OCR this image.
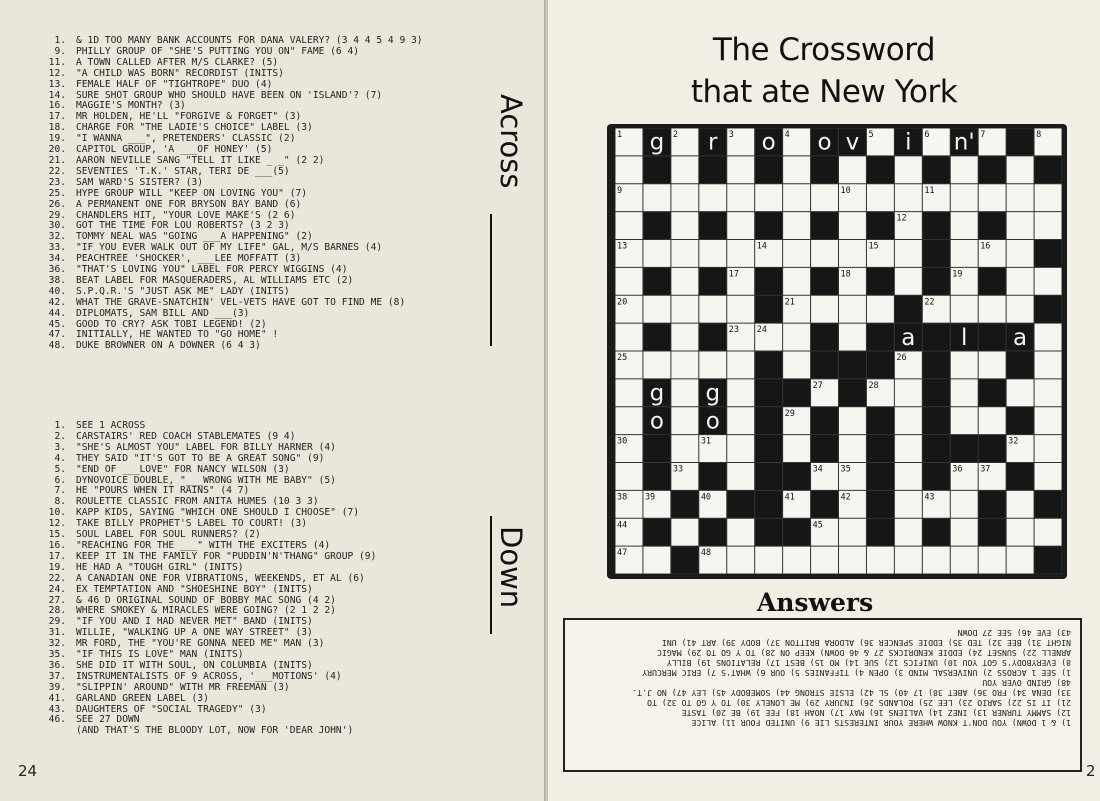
1. & 1D TOO MANY BANK ACCOUNTS FOR DANA VALERY? (3 4 4 5 4 9 3)
9. PHILLY GROUP OF "SHE'S PUTTING YOU ON" FAME (6 4)
11. A TOWN CALLED AFTER M/S CLARKE? (5)
12. "A CHILD WAS BORN" RECORDIST (INITS)
13. FEMALE HALF OF "TIGHTROPE" DUO (4)
14. SURE SHOT GROUP WHO SHOULD HAVE BEEN ON 'ISLAND'? (7)
16. MAGGIE'S MONTH? (3)
17. MR HOLDEN, HE'LL "FORGIVE & FORGET" (3)
18. CHARGE FOR "THE LADIE'S CHOICE" LABEL (3)
19. "I WANNA ___", PRETENDERS' CLASSIC (2)
20. CAPITOL GROUP, 'A ___OF HONEY' (5)
21. AARON NEVILLE SANG "TELL IT LIKE _ _" (2 2)
22. SEVENTIES 'T.K.' STAR, TERI DE ___(5)
23. SAM WARD'S SISTER? (3)
25. HYPE GROUP WILL "KEEP ON LOVING YOU" (7)
26. A PERMANENT ONE FOR BRYSON BAY BAND (6)
29. CHANDLERS HIT, "YOUR LOVE MAKE'S (2 6)
30. GOT THE TIME FOR LOU ROBERTS? (3 2 3)
32. TOMMY NEAL WAS "GOING ___A HAPPENING" (2)
33. "IF YOU EVER WALK OUT OF MY LIFE" GAL, M/S BARNES (4)
34. PEACHTREE 'SHOCKER', ___LEE MOFFATT (3)
36. "THAT'S LOVING YOU" LABEL FOR PERCY WIGGINS (4)
38. BEAT LABEL FOR MASQUERADERS, AL WILLIAMS ETC (2)
40. S.P.Q.R.'S "JUST ASK ME" LADY (INITS)
42. WHAT THE GRAVE-SNATCHIN' VEL-VETS HAVE GOT TO FIND ME (8)
44. DIPLOMATS, SAM BILL AND ___(3)
45. GOOD TO CRY? ASK TOBI LEGEND! (2)
47. INITIALLY, HE WANTED TO "GO HOME" !
48. DUKE BROWNER ON A DOWNER (6 4 3)
1. SEE 1 ACROSS
2. CARSTAIRS' RED COACH STABLEMATES (9 4)
3. "SHE'S ALMOST YOU" LABEL FOR BILLY HARNER (4)
4. THEY SAID "IT'S GOT TO BE A GREAT SONG" (9)
5. "END OF ___LOVE" FOR NANCY WILSON (3)
6. DYNOVOICE DOUBLE, "___WRONG WITH ME BABY" (5)
7. HE "POURS WHEN IT RAINS" (4 7)
8. ROULETTE CLASSIC FROM ANITA HUMES (10 3 3)
10. KAPP KIDS, SAYING "WHICH ONE SHOULD I CHOOSE" (7)
12. TAKE BILLY PROPHET'S LABEL TO COURT! (3)
15. SOUL LABEL FOR SOUL RUNNERS? (2)
16. "REACHING FOR THE ___" WITH THE EXCITERS (4)
17. KEEP IT IN THE FAMILY FOR "PUDDIN'N'THANG" GROUP (9)
19. HE HAD A "TOUGH GIRL" (INITS)
22. A CANADIAN ONE FOR VIBRATIONS, WEEKENDS, ET AL (6)
24. EX TEMPTATION AND "SHOESHINE BOY" (INITS)
27. & 46 D ORIGINAL SOUND OF BOBBY MAC SONG (4 2)
28. WHERE SMOKEY & MIRACLES WERE GOING? (2 1 2 2)
29. "IF YOU AND I HAD NEVER MET" BAND (INITS)
31. WILLIE, "WALKING UP A ONE WAY STREET" (3)
32. MR FORD, THE "YOU'RE GONNA NEED ME" MAN (3)
35. "IF THIS IS LOVE" MAN (INITS)
36. SHE DID IT WITH SOUL, ON COLUMBIA (INITS)
37. INSTRUMENTALISTS OF 9 ACROSS, '___MOTIONS' (4)
39. "SLIPPIN' AROUND" WITH MR FREEMAN (3)
41. GARLAND GREEN LABEL (3)
43. DAUGHTERS OF "SOCIAL TRAGEDY" (3)
46. SEE 27 DOWN
(AND THAT'S THE BLOODY LOT, NOW FOR 'DEAR JOHN')
Across
Down
24
The Crossword
that ate New York
2
1	2	3	4	5	6	7	8
9	10	11
12
13	14	15	16
17	18	19
20	21	22
23 24
25	26
27	28
29
30	31	32
33	34 35	36 37
38 39	40	41	42	43
44	45
47	48
g r o o v i n'
a l a
g
o
g
o
Answers
1) & 1 DOWN) YOU DON'T KNOW WHERE YOUR INTERESTS LIE 9) UNITED FOUR 11) ALICE
12) SAMMY TURNER 13) INEZ 14) VALIENS 16) MAY 17) NOAH 18) FEE 19) BE 20) TASTE
21) IT IS 22) SARIO 23) LEE 25) ROLANDS 26) INJURY 29) ME LONELY 30) TO Y GO TO 32) TO
33) DENA 34) FRO 36) ABET 38) 17 40) SL 42) ELSIE STRONG 44) SOMEBODY 45) LEY 47) NO J.T.
48) GRIND OVER YOU
1) SEE 1 ACROSS 2) UNIVERSAL MIND 3) OPEN 4) TIFFANIES 5) OUR 6) WHAT'S 7) ERIC MERCURY
8) EVERYBODY'S GOT YOU 10) UNIFICS 12) SUE 14) MO 15) BEST 17) RELATIONS 19) BILLY
ARNELL 22) SUNSET 24) EDDIE KENDRICKS 27 & 46 DOWN) KEEP ON 28) TO Y GO TO 29) MAGIC
NIGHT 31) BEE 32) TED 35) EDDIE SPENCER 36) ALDORA BRITTON 37) BODY 39) ART 41) UNI
43) EVE 46) SEE 27 DOWN
